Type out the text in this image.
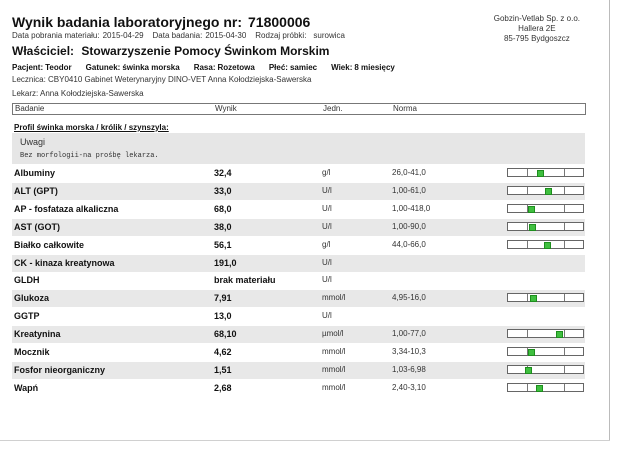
Wynik badania laboratoryjnego nr: 71800006
Data pobrania materiału: 2015-04-29 Data badania: 2015-04-30 Rodzaj próbki: surowica
Gobzin-Vetlab Sp. z o.o.
Hallera 2E
85-795 Bydgoszcz
Właściciel: Stowarzyszenie Pomocy Świnkom Morskim
Pacjent: Teodor Gatunek: świnka morska Rasa: Rozetowa Płeć: samiec Wiek: 8 miesięcy
Lecznica: CBY0410 Gabinet Weterynaryjny DINO-VET Anna Kołodziejska-Sawerska
Lekarz: Anna Kołodziejska-Sawerska
Badanie	Wynik	Jedn.	Norma
Profil świnka morska / królik / szynszyla:
Uwagi
Bez morfologii-na prośbę lekarza.
Albuminy	32,4	g/l	26,0-41,0
ALT (GPT)	33,0	U/l	1,00-61,0
AP - fosfataza alkaliczna	68,0	U/l	1,00-418,0
AST (GOT)	38,0	U/l	1,00-90,0
Białko całkowite	56,1	g/l	44,0-66,0
CK - kinaza kreatynowa	191,0	U/l
GLDH	brak materiału	U/l
Glukoza	7,91	mmol/l	4,95-16,0
GGTP	13,0	U/l
Kreatynina	68,10	µmol/l	1,00-77,0
Mocznik	4,62	mmol/l	3,34-10,3
Fosfor nieorganiczny	1,51	mmol/l	1,03-6,98
Wapń	2,68	mmol/l	2,40-3,10
